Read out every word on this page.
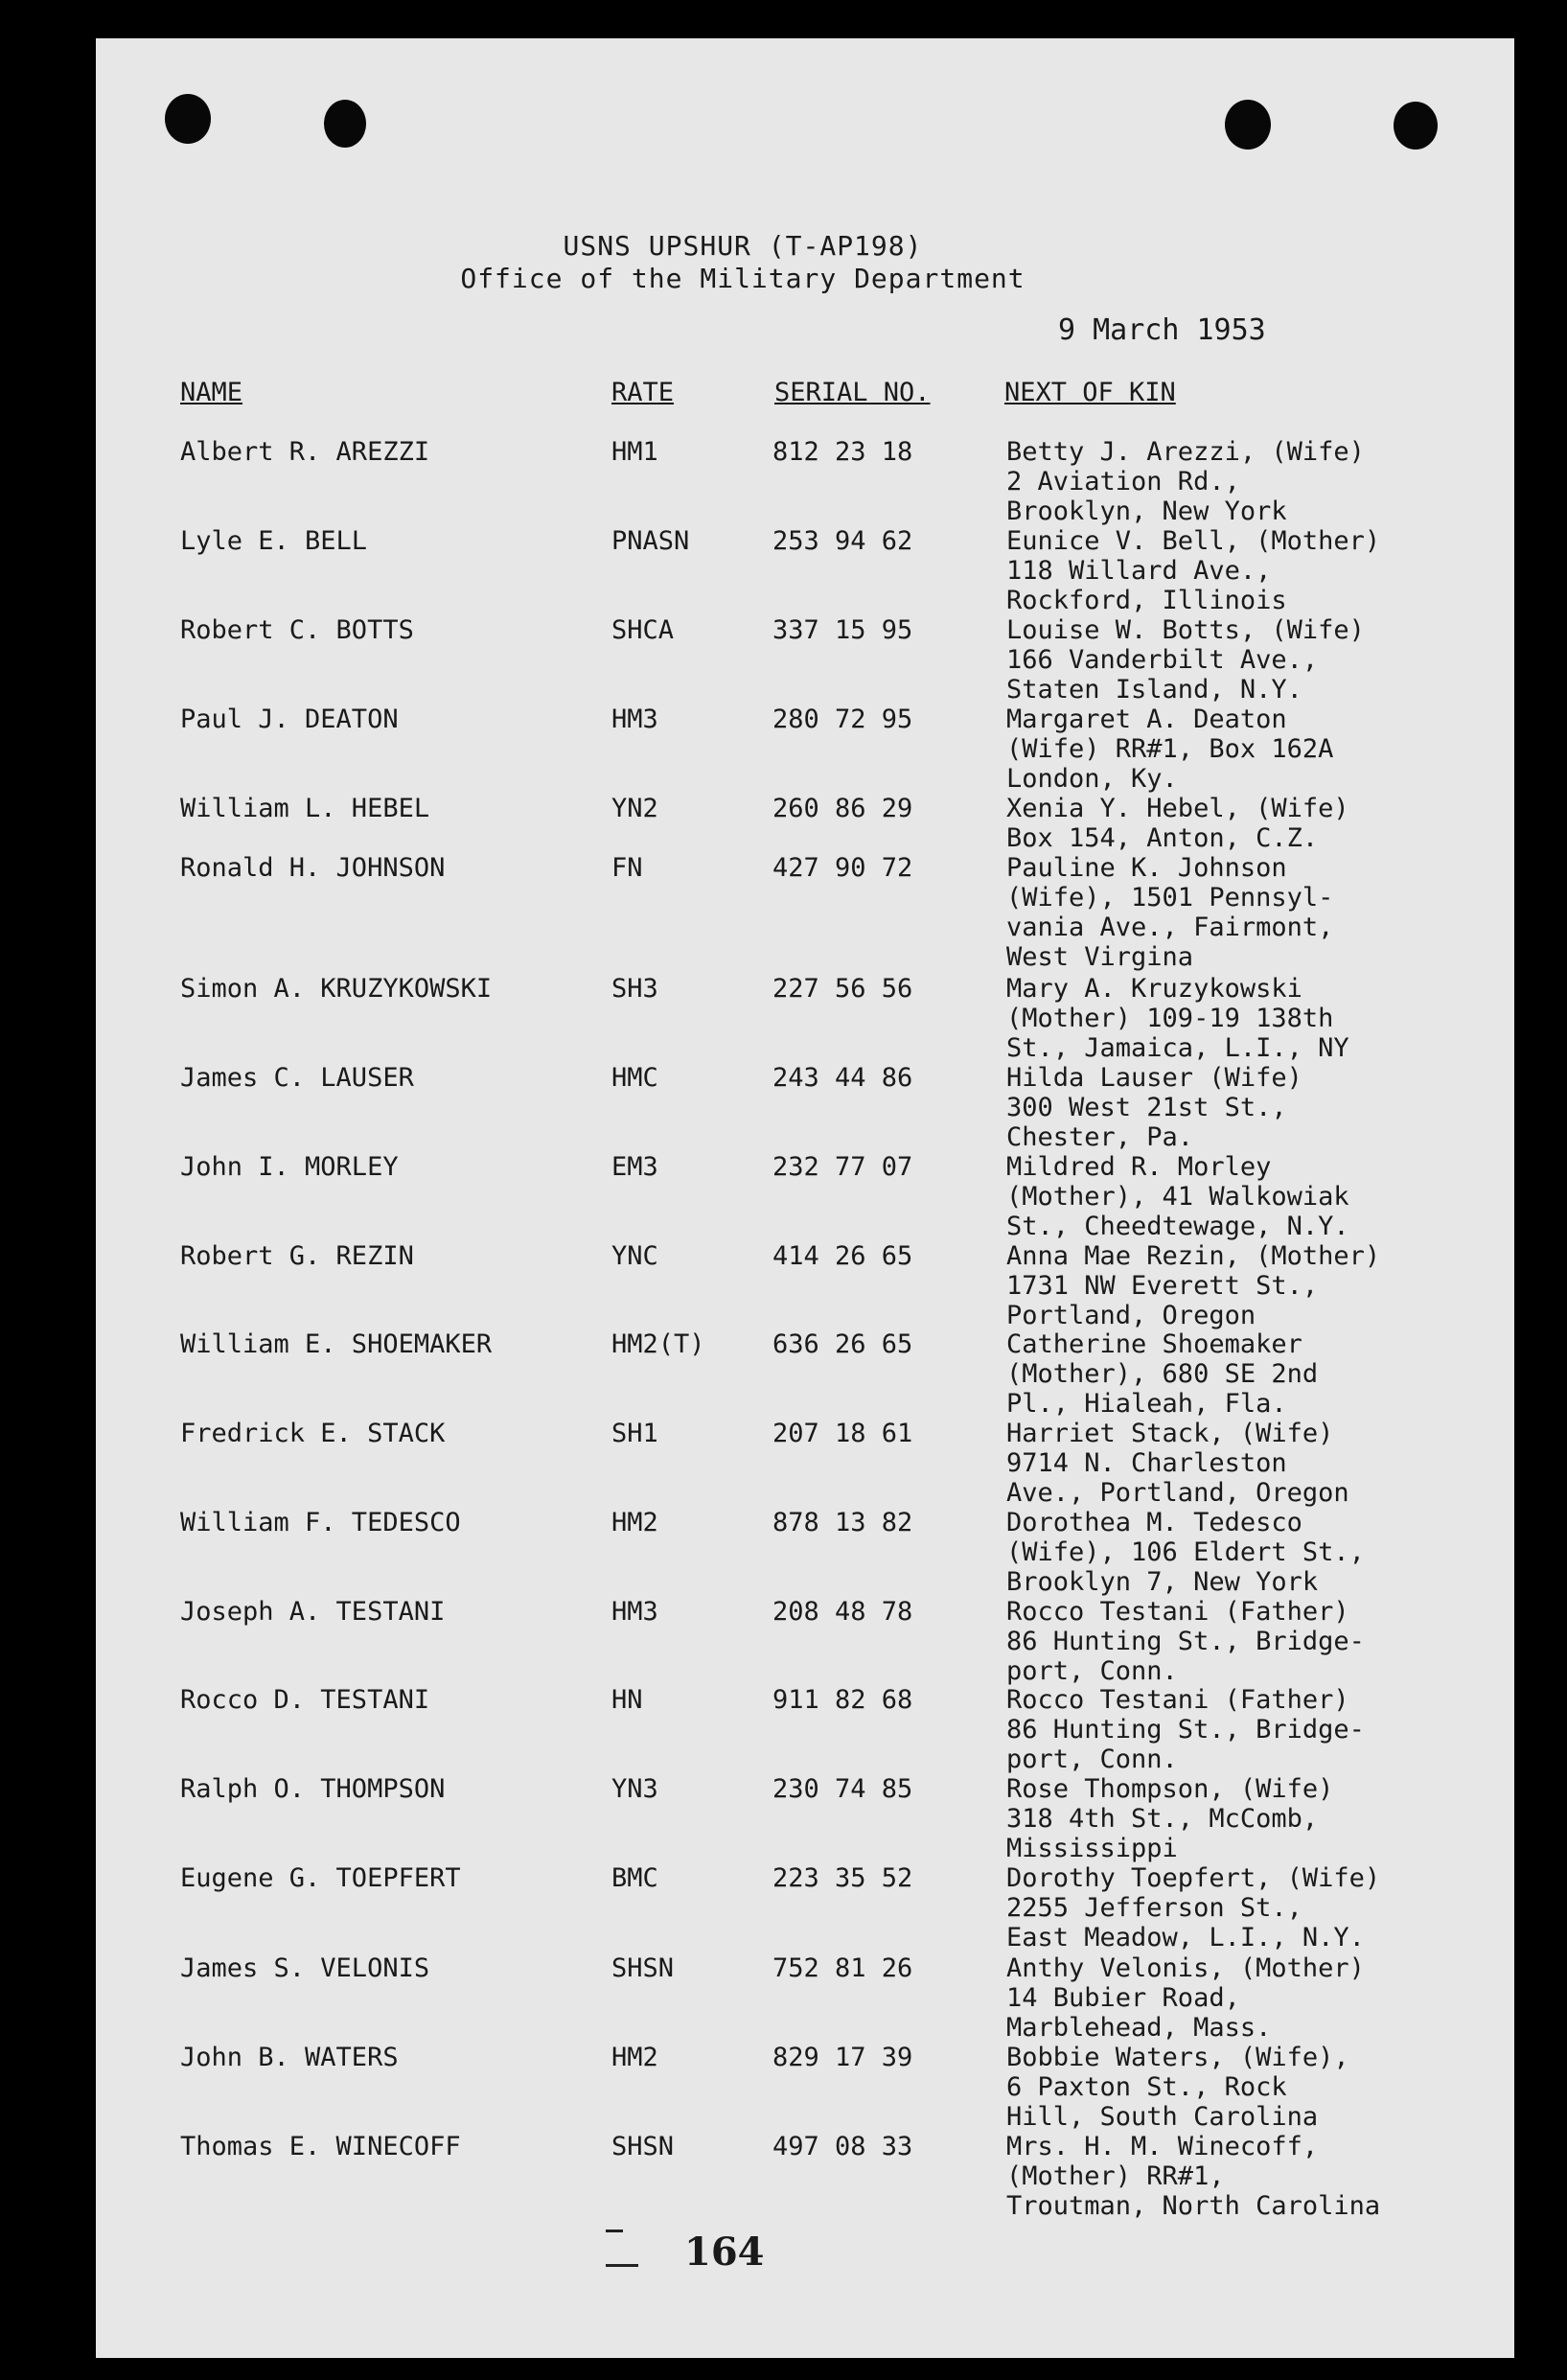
USNS UPSHUR (T-AP198)
Office of the Military Department
9 March 1953
NAME	RATE	SERIAL NO.	NEXT OF KIN
Albert R. AREZZI	HM1	812 23 18	Betty J. Arezzi, (Wife)
2 Aviation Rd.,
Brooklyn, New York
Lyle E. BELL	PNASN	253 94 62	Eunice V. Bell, (Mother)
118 Willard Ave.,
Rockford, Illinois
Robert C. BOTTS	SHCA	337 15 95	Louise W. Botts, (Wife)
166 Vanderbilt Ave.,
Staten Island, N.Y.
Paul J. DEATON	HM3	280 72 95	Margaret A. Deaton
(Wife) RR#1, Box 162A
London, Ky.
William L. HEBEL	YN2	260 86 29	Xenia Y. Hebel, (Wife)
Box 154, Anton, C.Z.
Ronald H. JOHNSON	FN	427 90 72	Pauline K. Johnson
(Wife), 1501 Pennsyl-
vania Ave., Fairmont,
West Virgina
Simon A. KRUZYKOWSKI	SH3	227 56 56	Mary A. Kruzykowski
(Mother) 109-19 138th
St., Jamaica, L.I., NY
James C. LAUSER	HMC	243 44 86	Hilda Lauser (Wife)
300 West 21st St.,
Chester, Pa.
John I. MORLEY	EM3	232 77 07	Mildred R. Morley
(Mother), 41 Walkowiak
St., Cheedtewage, N.Y.
Robert G. REZIN	YNC	414 26 65	Anna Mae Rezin, (Mother)
1731 NW Everett St.,
Portland, Oregon
William E. SHOEMAKER	HM2(T)	636 26 65	Catherine Shoemaker
(Mother), 680 SE 2nd
Pl., Hialeah, Fla.
Fredrick E. STACK	SH1	207 18 61	Harriet Stack, (Wife)
9714 N. Charleston
Ave., Portland, Oregon
William F. TEDESCO	HM2	878 13 82	Dorothea M. Tedesco
(Wife), 106 Eldert St.,
Brooklyn 7, New York
Joseph A. TESTANI	HM3	208 48 78	Rocco Testani (Father)
86 Hunting St., Bridge-
port, Conn.
Rocco D. TESTANI	HN	911 82 68	Rocco Testani (Father)
86 Hunting St., Bridge-
port, Conn.
Ralph O. THOMPSON	YN3	230 74 85	Rose Thompson, (Wife)
318 4th St., McComb,
Mississippi
Eugene G. TOEPFERT	BMC	223 35 52	Dorothy Toepfert, (Wife)
2255 Jefferson St.,
East Meadow, L.I., N.Y.
James S. VELONIS	SHSN	752 81 26	Anthy Velonis, (Mother)
14 Bubier Road,
Marblehead, Mass.
John B. WATERS	HM2	829 17 39	Bobbie Waters, (Wife),
6 Paxton St., Rock
Hill, South Carolina
Thomas E. WINECOFF	SHSN	497 08 33	Mrs. H. M. Winecoff,
(Mother) RR#1,
Troutman, North Carolina
164
